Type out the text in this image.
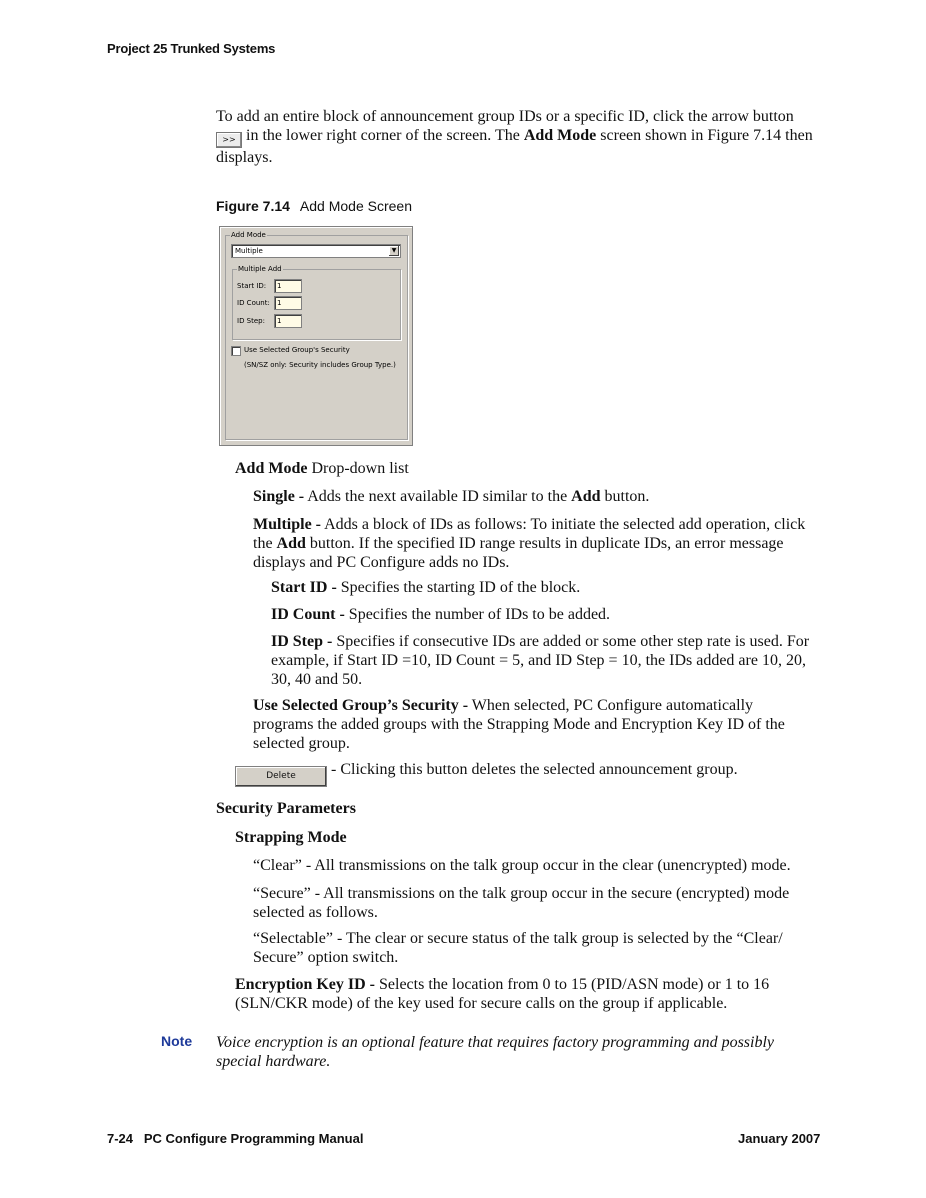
Project 25 Trunked Systems
To add an entire block of announcement group IDs or a specific ID, click the arrow button
>> in the lower right corner of the screen. The Add Mode screen shown in Figure 7.14 then displays.
Figure 7.14 Add Mode Screen
Add Mode
Multiple	▼
Multiple Add
Start ID: 1
ID Count: 1
ID Step: 1
Use Selected Group's Security
(SN/SZ only: Security includes Group Type.)
Add Mode Drop-down list
Single - Adds the next available ID similar to the Add button.
Multiple - Adds a block of IDs as follows: To initiate the selected add operation, click the Add button. If the specified ID range results in duplicate IDs, an error message displays and PC Configure adds no IDs.
Start ID - Specifies the starting ID of the block.
ID Count - Specifies the number of IDs to be added.
ID Step - Specifies if consecutive IDs are added or some other step rate is used. For example, if Start ID =10, ID Count = 5, and ID Step = 10, the IDs added are 10, 20, 30, 40 and 50.
Use Selected Group’s Security - When selected, PC Configure automatically programs the added groups with the Strapping Mode and Encryption Key ID of the selected group.
Delete - Clicking this button deletes the selected announcement group.
Security Parameters
Strapping Mode
“Clear” - All transmissions on the talk group occur in the clear (unencrypted) mode.
“Secure” - All transmissions on the talk group occur in the secure (encrypted) mode selected as follows.
“Selectable” - The clear or secure status of the talk group is selected by the “Clear/ Secure” option switch.
Encryption Key ID - Selects the location from 0 to 15 (PID/ASN mode) or 1 to 16 (SLN/CKR mode) of the key used for secure calls on the group if applicable.
Note Voice encryption is an optional feature that requires factory programming and possibly special hardware.
7-24 PC Configure Programming Manual	January 2007
